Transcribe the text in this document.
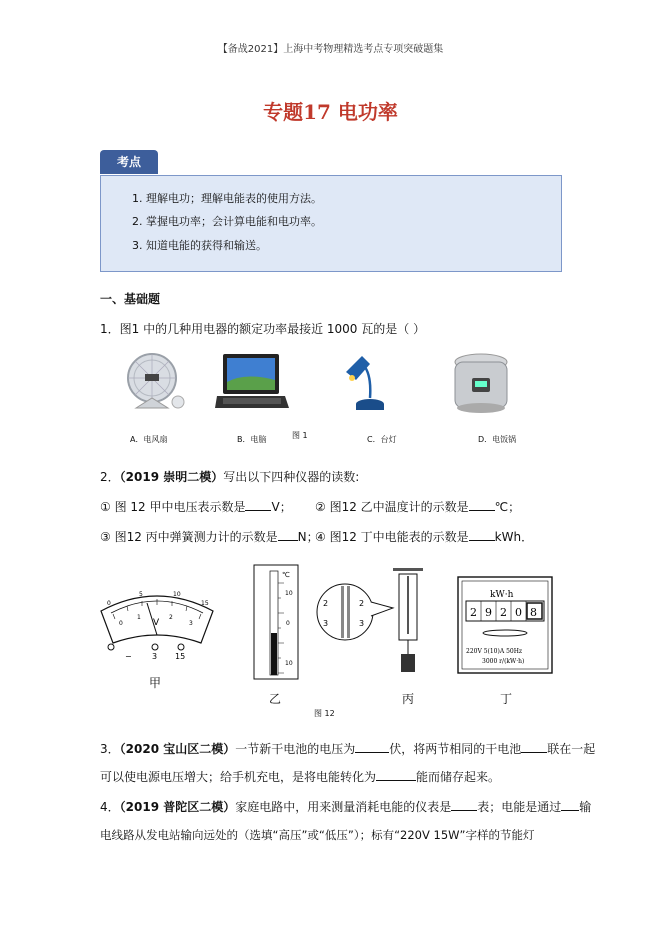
【备战2021】上海中考物理精选考点专项突破题集
专题17 电功率
考点
1. 理解电功；理解电能表的使用方法。
2. 掌握电功率；会计算电能和电功率。
3. 知道电能的获得和输送。
一、基础题
1．图1 中的几种用电器的额定功率最接近 1000 瓦的是（ ）
A．电风扇	B．电脑	图 1	C．台灯	D．电饭锅
2．（2019 崇明二模）写出以下四种仪器的读数:
① 图 12 甲中电压表示数是 V； ② 图12 乙中温度计的示数是 ℃；
③ 图12 丙中弹簧测力计的示数是 N；
④ 图12 丁中电能表的示数是 kWh．
0
5	10
15
0
1	2
3
V
−	3 15
甲
℃
10
0
10
乙
2
3
2
3
丙
kW·h
2 9 2 0 8
220V 5(10)A 50Hz
3000 r/(kW·h)
丁
图 12
3．（2020 宝山区二模）一节新干电池的电压为	伏，将两节相同的干电池 联在一起
可以使电源电压增大；给手机充电，是将电能转化为	能而储存起来。
4．（2019 普陀区二模）家庭电路中，用来测量消耗电能的仪表是 表；电能是通过 输
电线路从发电站输向远处的（选填“高压”或“低压”）；标有“220V 15W”字样的节能灯
